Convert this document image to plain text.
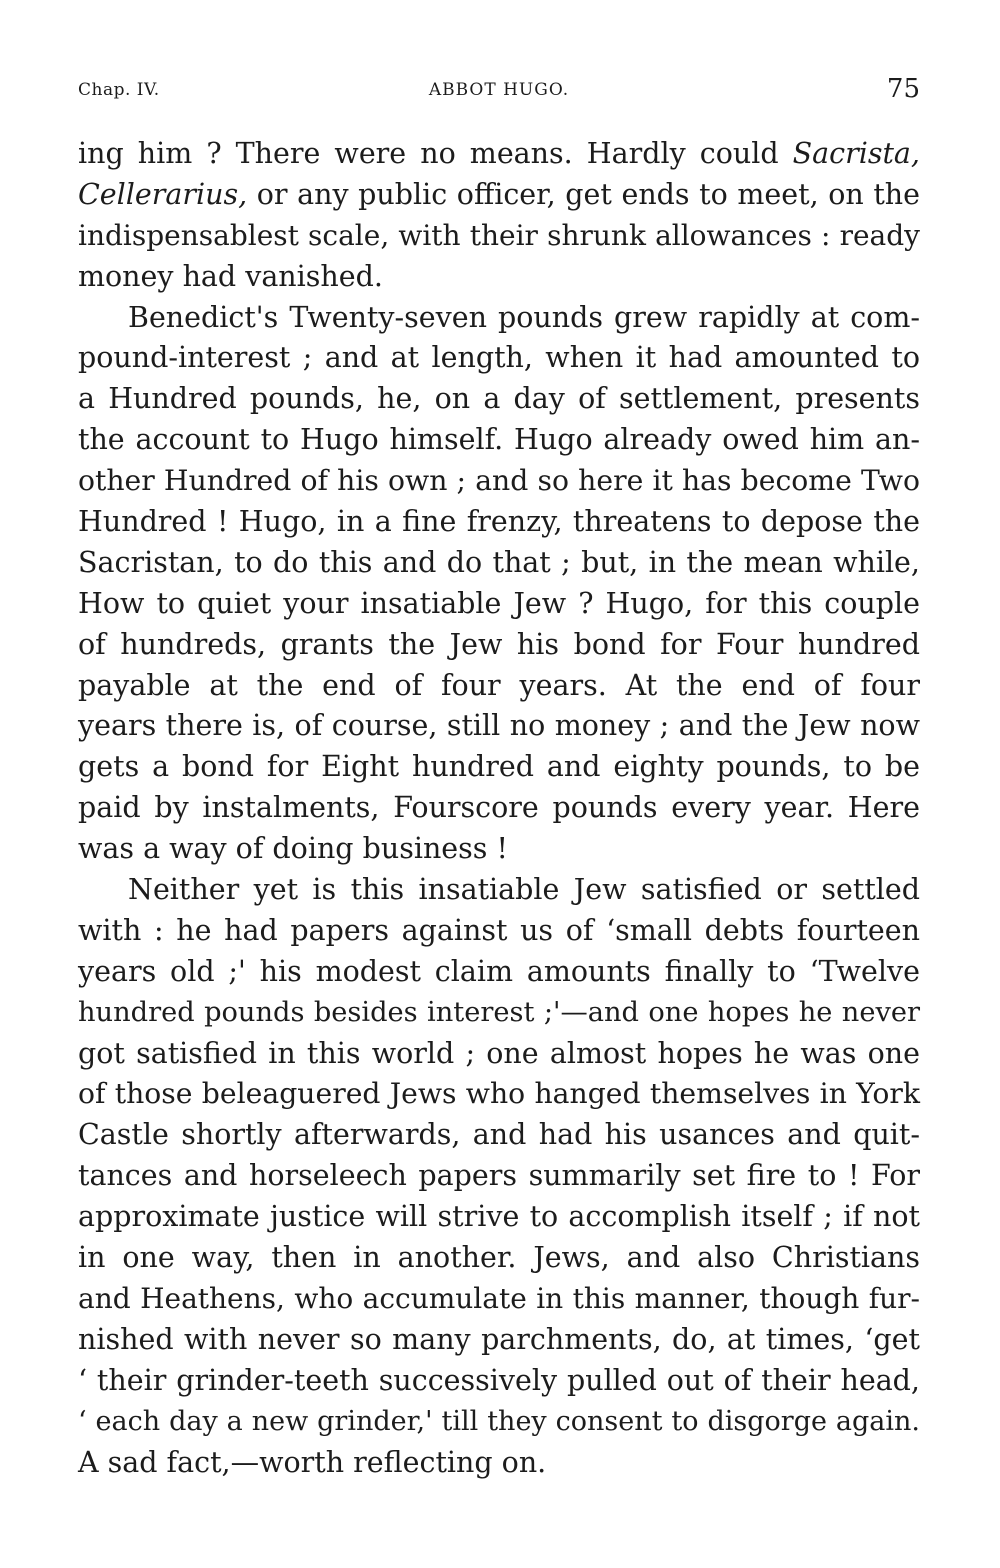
Chap. IV.	ABBOT HUGO.	75
ing him ? There were no means. Hardly could Sacrista,
Cellerarius, or any public officer, get ends to meet, on the
indispensablest scale, with their shrunk allowances : ready
money had vanished.
Benedict's Twenty-seven pounds grew rapidly at com-
pound-interest ; and at length, when it had amounted to
a Hundred pounds, he, on a day of settlement, presents
the account to Hugo himself. Hugo already owed him an-
other Hundred of his own ; and so here it has become Two
Hundred ! Hugo, in a fine frenzy, threatens to depose the
Sacristan, to do this and do that ; but, in the mean while,
How to quiet your insatiable Jew ? Hugo, for this couple
of hundreds, grants the Jew his bond for Four hundred
payable at the end of four years. At the end of four
years there is, of course, still no money ; and the Jew now
gets a bond for Eight hundred and eighty pounds, to be
paid by instalments, Fourscore pounds every year. Here
was a way of doing business !
Neither yet is this insatiable Jew satisfied or settled
with : he had papers against us of ‘small debts fourteen
years old ;' his modest claim amounts finally to ‘Twelve
hundred pounds besides interest ;'—and one hopes he never
got satisfied in this world ; one almost hopes he was one
of those beleaguered Jews who hanged themselves in York
Castle shortly afterwards, and had his usances and quit-
tances and horseleech papers summarily set fire to ! For
approximate justice will strive to accomplish itself ; if not
in one way, then in another. Jews, and also Christians
and Heathens, who accumulate in this manner, though fur-
nished with never so many parchments, do, at times, ‘get
‘ their grinder-teeth successively pulled out of their head,
‘ each day a new grinder,' till they consent to disgorge again.
A sad fact,—worth reflecting on.
